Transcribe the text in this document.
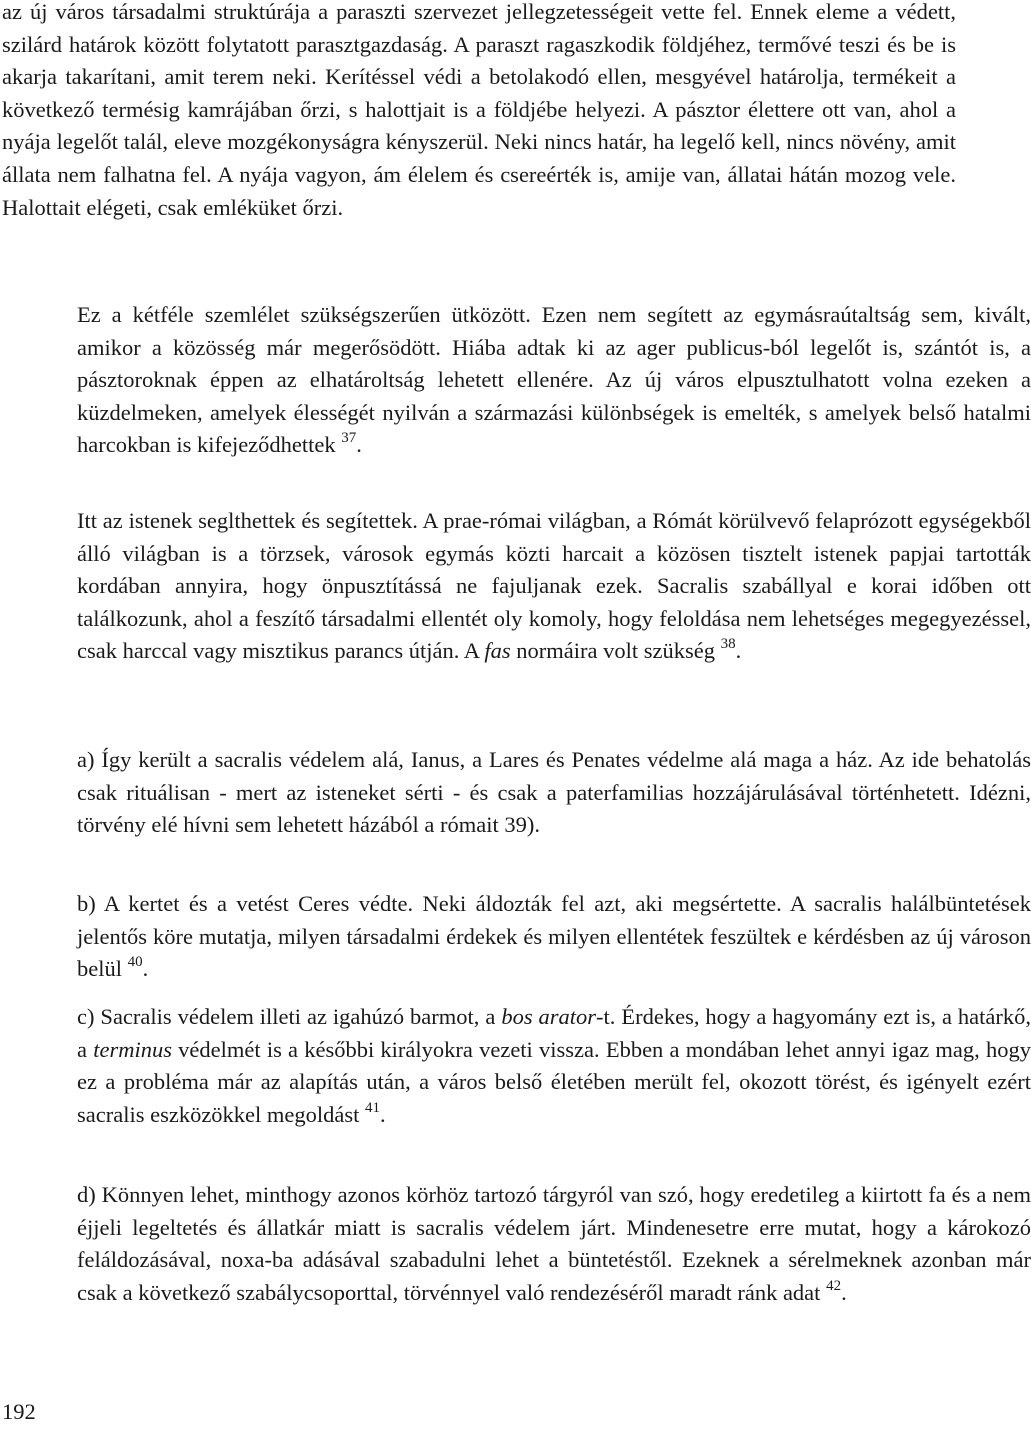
az új város társadalmi struktúrája a paraszti szervezet jellegzetességeit vette fel. Ennek eleme a védett, szilárd határok között folytatott parasztgazdaság. A paraszt ragaszkodik földjéhez, termővé teszi és be is akarja takarítani, amit terem neki. Kerítéssel védi a betolakodó ellen, mesgyével határolja, termékeit a következő termésig kamrájában őrzi, s halottjait is a földjébe helyezi. A pásztor élettere ott van, ahol a nyája legelőt talál, eleve mozgékonyságra kényszerül. Neki nincs határ, ha legelő kell, nincs növény, amit állata nem falhatna fel. A nyája vagyon, ám élelem és csereérték is, amije van, állatai hátán mozog vele. Halottait elégeti, csak emléküket őrzi.

Ez a kétféle szemlélet szükségszerűen ütközött. Ezen nem segített az egymásraútaltság sem, kivált, amikor a közösség már megerősödött. Hiába adtak ki az ager publicus-ból legelőt is, szántót is, a pásztoroknak éppen az elhatároltság lehetett ellenére. Az új város elpusztulhatott volna ezeken a küzdelmeken, amelyek élességét nyilván a származási különbségek is emelték, s amelyek belső hatalmi harcokban is kifejeződhettek $^{37}$.

Itt az istenek seglthettek és segítettek. A prae-római világban, a Rómát körülvevő felaprózott egységekből álló világban is a törzsek, városok egymás közti harcait a közösen tisztelt istenek papjai tartották kordában annyira, hogy önpusztítássá ne fajuljanak ezek. Sacralis szabállyal e korai időben ott találkozunk, ahol a feszítő társadalmi ellentét oly komoly, hogy feloldása nem lehetséges megegyezéssel, csak harccal vagy misztikus parancs útján. A fas normáira volt szükség $^{38}$.

a) Így került a sacralis védelem alá, Ianus, a Lares és Penates védelme alá maga a ház. Az ide behatolás csak rituálisan - mert az isteneket sérti - és csak a paterfamilias hozzájárulásával történhetett. Idézni, törvény elé hívni sem lehetett házából a rómait 39).

b) A kertet és a vetést Ceres védte. Neki áldozták fel azt, aki megsértette. A sacralis halálbüntetések jelentős köre mutatja, milyen társadalmi érdekek és milyen ellentétek feszültek e kérdésben az új városon belül $^{40}$.

c) Sacralis védelem illeti az igahúzó barmot, a bos arator-t. Érdekes, hogy a hagyomány ezt is, a határkő, a terminus védelmét is a későbbi királyokra vezeti vissza. Ebben a mondában lehet annyi igaz mag, hogy ez a probléma már az alapítás után, a város belső életében merült fel, okozott törést, és igényelt ezért sacralis eszközökkel megoldást $^{41}$.

d) Könnyen lehet, minthogy azonos körhöz tartozó tárgyról van szó, hogy eredetileg a kiirtott fa és a nem éjjeli legeltetés és állatkár miatt is sacralis védelem járt. Mindenesetre erre mutat, hogy a károkozó feláldozásával, noxa-ba adásával szabadulni lehet a büntetéstől. Ezeknek a sérelmeknek azonban már csak a következő szabálycsoporttal, törvénnyel való rendezéséről maradt ránk adat $^{42}$.

192
